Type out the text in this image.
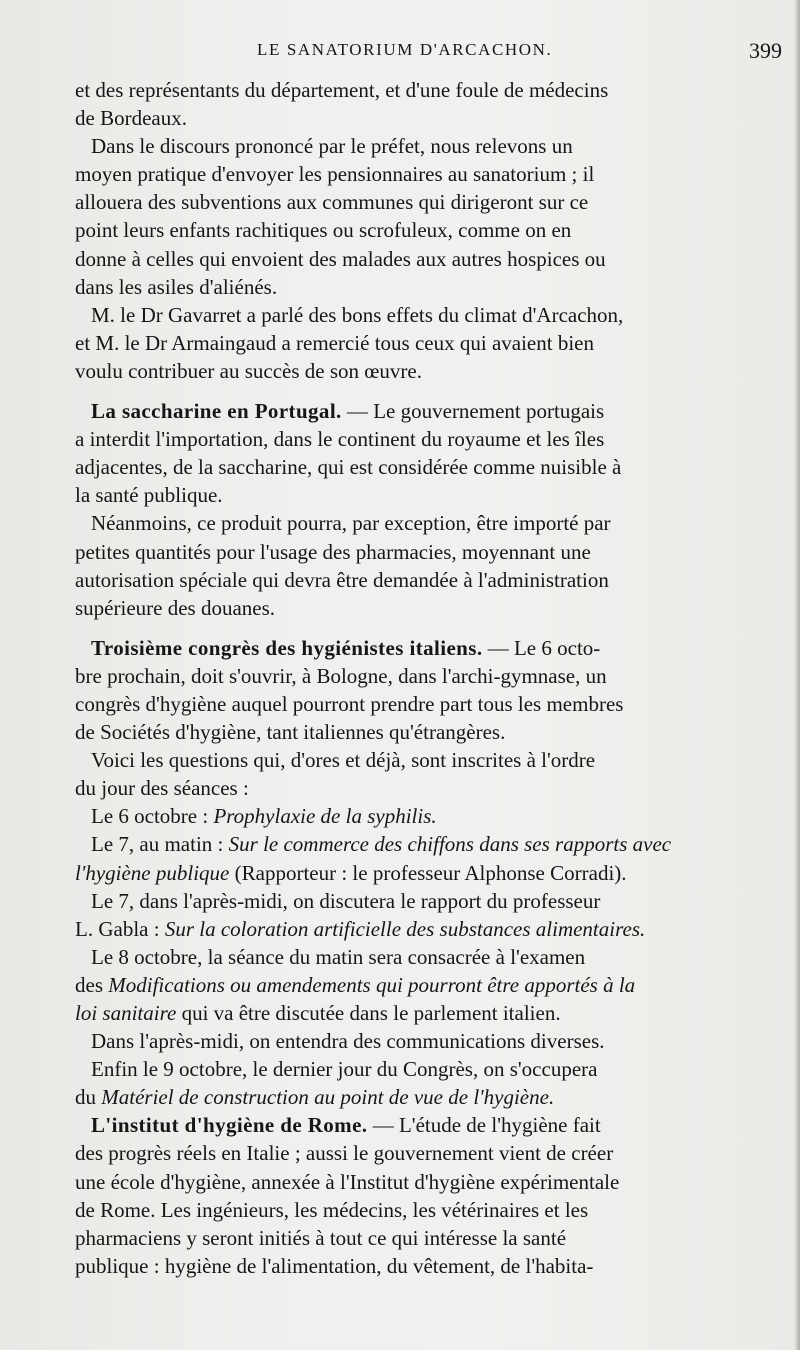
LE SANATORIUM D'ARCACHON.	399
et des représentants du département, et d'une foule de médecins
de Bordeaux.
Dans le discours prononcé par le préfet, nous relevons un
moyen pratique d'envoyer les pensionnaires au sanatorium ; il
allouera des subventions aux communes qui dirigeront sur ce
point leurs enfants rachitiques ou scrofuleux, comme on en
donne à celles qui envoient des malades aux autres hospices ou
dans les asiles d'aliénés.
M. le Dr Gavarret a parlé des bons effets du climat d'Arcachon,
et M. le Dr Armaingaud a remercié tous ceux qui avaient bien
voulu contribuer au succès de son œuvre.
La saccharine en Portugal. — Le gouvernement portugais
a interdit l'importation, dans le continent du royaume et les îles
adjacentes, de la saccharine, qui est considérée comme nuisible à
la santé publique.
Néanmoins, ce produit pourra, par exception, être importé par
petites quantités pour l'usage des pharmacies, moyennant une
autorisation spéciale qui devra être demandée à l'administration
supérieure des douanes.
Troisième congrès des hygiénistes italiens. — Le 6 octo-
bre prochain, doit s'ouvrir, à Bologne, dans l'archi-gymnase, un
congrès d'hygiène auquel pourront prendre part tous les membres
de Sociétés d'hygiène, tant italiennes qu'étrangères.
Voici les questions qui, d'ores et déjà, sont inscrites à l'ordre
du jour des séances :
Le 6 octobre : Prophylaxie de la syphilis.
Le 7, au matin : Sur le commerce des chiffons dans ses rapports avec
l'hygiène publique (Rapporteur : le professeur Alphonse Corradi).
Le 7, dans l'après-midi, on discutera le rapport du professeur
L. Gabla : Sur la coloration artificielle des substances alimentaires.
Le 8 octobre, la séance du matin sera consacrée à l'examen
des Modifications ou amendements qui pourront être apportés à la
loi sanitaire qui va être discutée dans le parlement italien.
Dans l'après-midi, on entendra des communications diverses.
Enfin le 9 octobre, le dernier jour du Congrès, on s'occupera
du Matériel de construction au point de vue de l'hygiène.
L'institut d'hygiène de Rome. — L'étude de l'hygiène fait
des progrès réels en Italie ; aussi le gouvernement vient de créer
une école d'hygiène, annexée à l'Institut d'hygiène expérimentale
de Rome. Les ingénieurs, les médecins, les vétérinaires et les
pharmaciens y seront initiés à tout ce qui intéresse la santé
publique : hygiène de l'alimentation, du vêtement, de l'habita-
